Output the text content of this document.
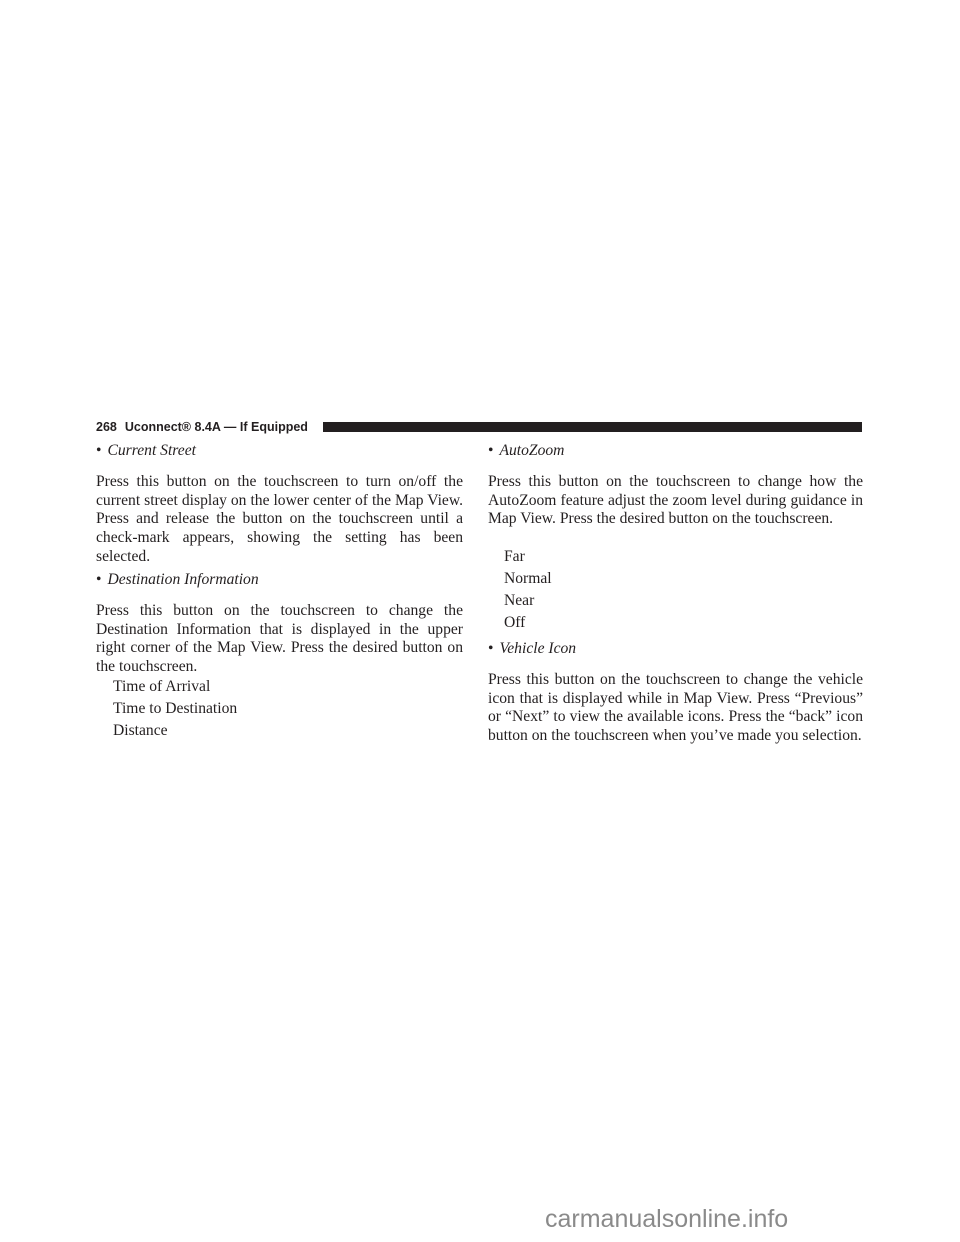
268 Uconnect® 8.4A — If Equipped
• Current Street
Press this button on the touchscreen to turn on/off the current street display on the lower center of the Map View. Press and release the button on the touchscreen until a check-mark appears, showing the setting has been selected.
• Destination Information
Press this button on the touchscreen to change the Destination Information that is displayed in the upper right corner of the Map View. Press the desired button on the touchscreen.
Time of Arrival
Time to Destination
Distance
• AutoZoom
Press this button on the touchscreen to change how the AutoZoom feature adjust the zoom level during guidance in Map View. Press the desired button on the touchscreen.
Far
Normal
Near
Off
• Vehicle Icon
Press this button on the touchscreen to change the vehicle icon that is displayed while in Map View. Press “Previous” or “Next” to view the available icons. Press the “back” icon button on the touchscreen when you’ve made you selection.
carmanualsonline.info
